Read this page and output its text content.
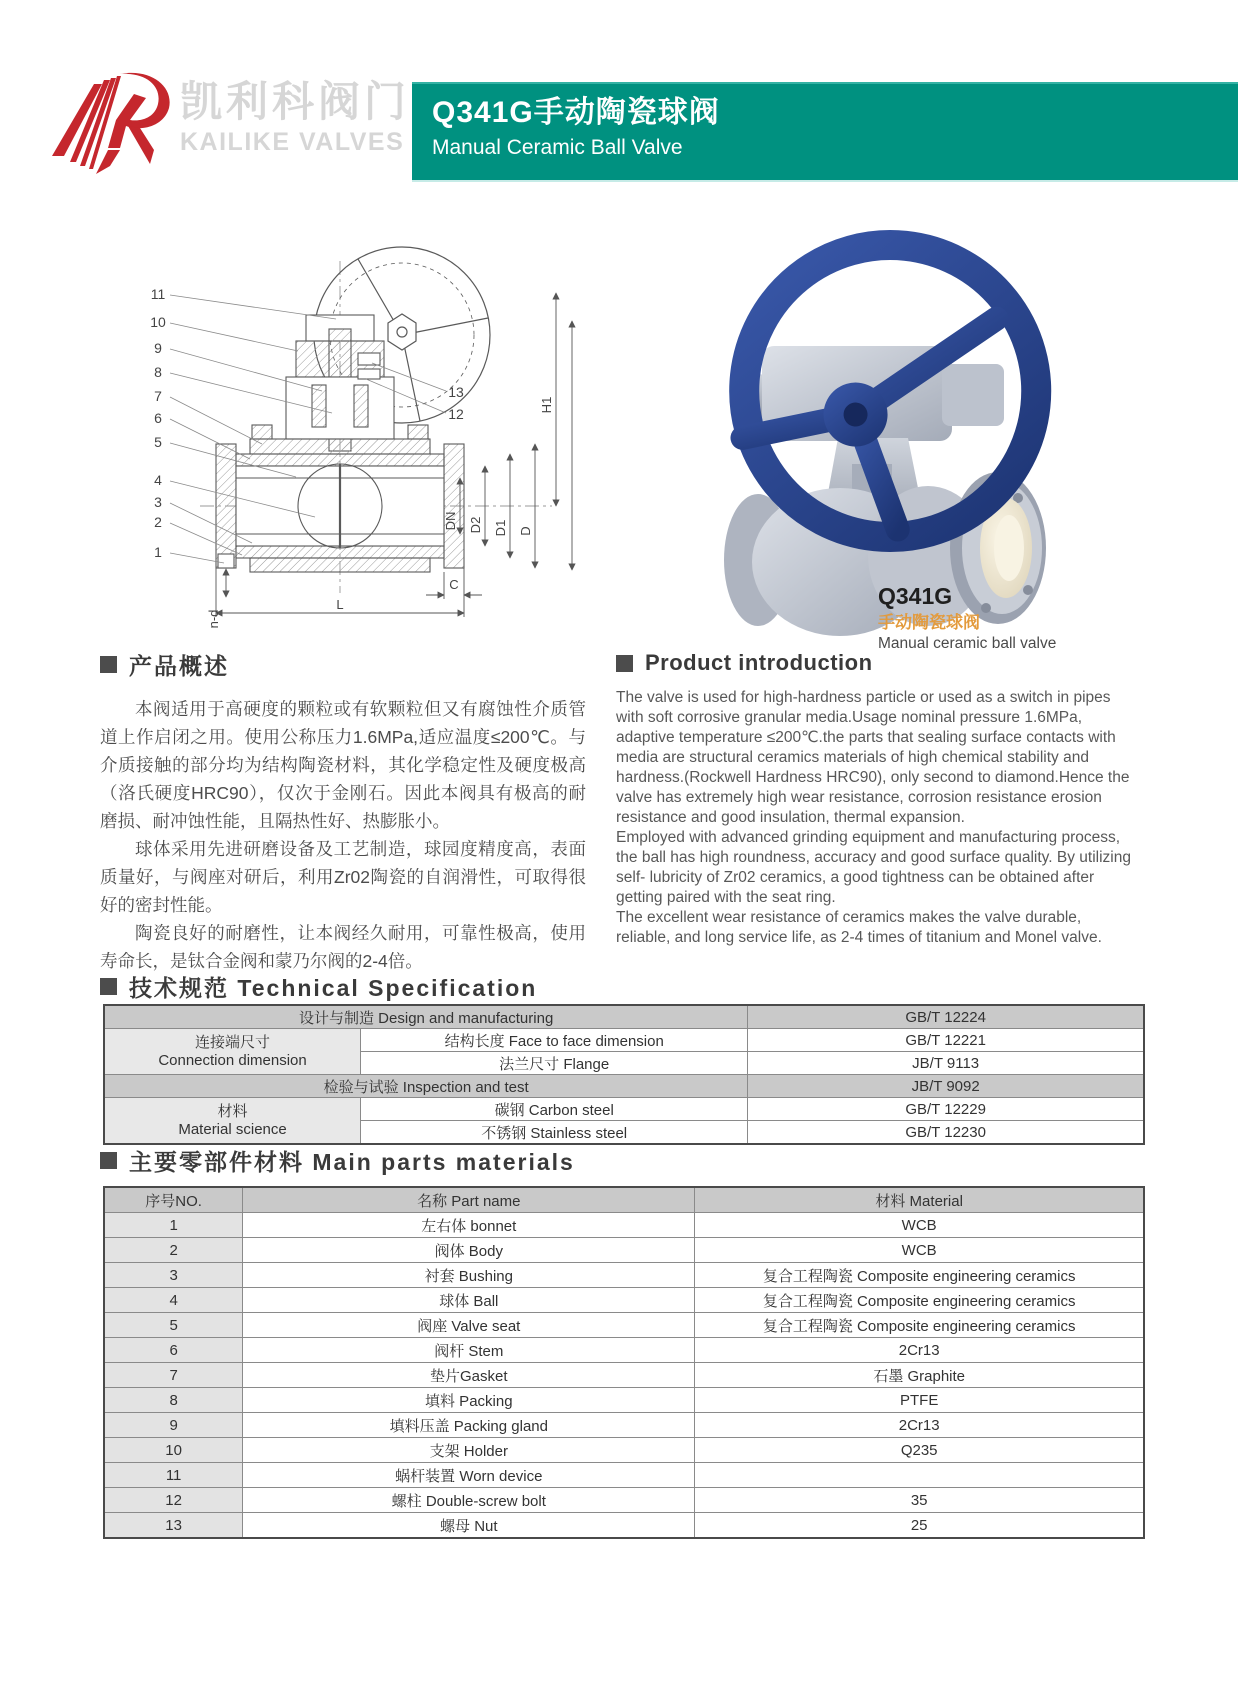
凯利科阀门
KAILIKE VALVES
Q341G手动陶瓷球阀
Manual Ceramic Ball Valve
11
10
9
8
7
6
5
4
3
2
1
13
12
DN D2 D1 D
H1
L
C
n-d
Q341G
手动陶瓷球阀
Manual ceramic ball valve
产品概述

本阀适用于高硬度的颗粒或有软颗粒但又有腐蚀性介质管道上作启闭之用。使用公称压力1.6MPa,适应温度≤200℃。与介质接触的部分均为结构陶瓷材料，其化学稳定性及硬度极高（洛氏硬度HRC90），仅次于金刚石。因此本阀具有极高的耐磨损、耐冲蚀性能，且隔热性好、热膨胀小。

球体采用先进研磨设备及工艺制造，球园度精度高，表面质量好，与阀座对研后，利用Zr02陶瓷的自润滑性，可取得很好的密封性能。

陶瓷良好的耐磨性，让本阀经久耐用，可靠性极高，使用寿命长，是钛合金阀和蒙乃尔阀的2-4倍。

Product introduction

The valve is used for high-hardness particle or used as a switch in pipes with soft corrosive granular media.Usage nominal pressure 1.6MPa, adaptive temperature ≤200℃.the parts that sealing surface contacts with media are structural ceramics materials of high chemical stability and hardness.(Rockwell Hardness HRC90), only second to diamond.Hence the valve has extremely high wear resistance, corrosion resistance erosion resistance and good insulation, thermal expansion.

Employed with advanced grinding equipment and manufacturing process, the ball has high roundness, accuracy and good surface quality. By utilizing self- lubricity of Zr02 ceramics, a good tightness can be obtained after getting paired with the seat ring.

The excellent wear resistance of ceramics makes the valve durable, reliable, and long service life, as 2-4 times of titanium and Monel valve.

技术规范 Technical Specification
设计与制造 Design and manufacturing		GB/T 12224
连接端尺寸
Connection dimension	结构长度 Face to face dimension	GB/T 12221
	法兰尺寸 Flange	JB/T 9113
检验与试验 Inspection and test		JB/T 9092
材料
Material science	碳钢 Carbon steel	GB/T 12229
	不锈钢 Stainless steel	GB/T 12230
主要零部件材料 Main parts materials
序号NO.	名称 Part name	材料 Material
1	左右体 bonnet	WCB
2	阀体 Body	WCB
3	衬套 Bushing	复合工程陶瓷 Composite engineering ceramics
4	球体 Ball	复合工程陶瓷 Composite engineering ceramics
5	阀座 Valve seat	复合工程陶瓷 Composite engineering ceramics
6	阀杆 Stem	2Cr13
7	垫片Gasket	石墨 Graphite
8	填料 Packing	PTFE
9	填料压盖 Packing gland	2Cr13
10	支架 Holder	Q235
11	蜗杆装置 Worn device	
12	螺柱 Double-screw bolt	35
13	螺母 Nut	25
